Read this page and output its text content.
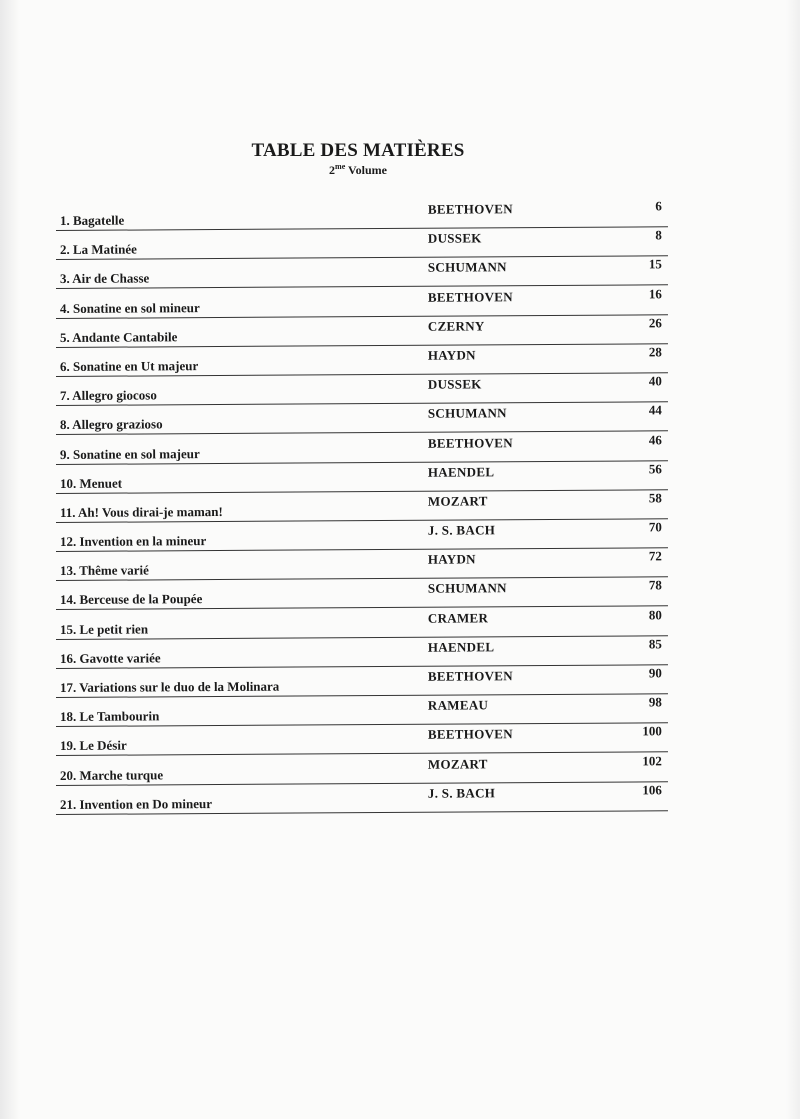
TABLE DES MATIÈRES
$2^{me}$ Volume
1. Bagatelle
BEETHOVEN	6
2. La Matinée
DUSSEK	8
3. Air de Chasse
SCHUMANN	15
4. Sonatine en sol mineur
BEETHOVEN	16
5. Andante Cantabile
CZERNY	26
6. Sonatine en Ut majeur
HAYDN	28
7. Allegro giocoso
DUSSEK	40
8. Allegro grazioso
SCHUMANN	44
9. Sonatine en sol majeur
BEETHOVEN	46
10. Menuet
HAENDEL	56
11. Ah! Vous dirai-je maman!
MOZART	58
12. Invention en la mineur
J. S. BACH	70
13. Thême varié
HAYDN	72
14. Berceuse de la Poupée
SCHUMANN	78
15. Le petit rien
CRAMER	80
16. Gavotte variée
HAENDEL	85
17. Variations sur le duo de la Molinara
BEETHOVEN	90
18. Le Tambourin
RAMEAU	98
19. Le Désir
BEETHOVEN	100
20. Marche turque
MOZART	102
21. Invention en Do mineur
J. S. BACH	106
